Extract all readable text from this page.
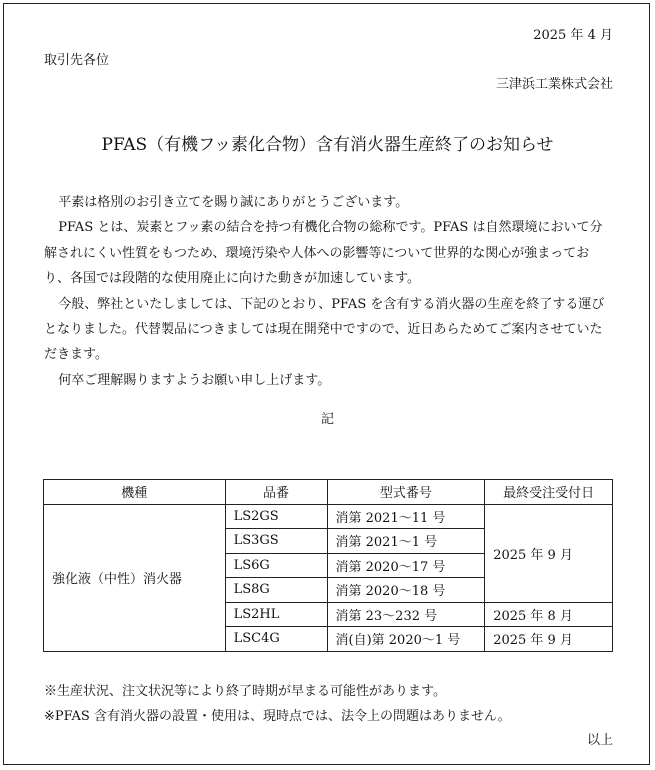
2025 年 4 月
取引先各位
三津浜工業株式会社
PFAS（有機フッ素化合物）含有消火器生産終了のお知らせ

平素は格別のお引き立てを賜り誠にありがとうございます。

PFAS とは、炭素とフッ素の結合を持つ有機化合物の総称です。PFAS は自然環境において分解されにくい性質をもつため、環境汚染や人体への影響等について世界的な関心が強まっており、各国では段階的な使用廃止に向けた動きが加速しています。

今般、弊社といたしましては、下記のとおり、PFAS を含有する消火器の生産を終了する運びとなりました。代替製品につきましては現在開発中ですので、近日あらためてご案内させていただきます。

何卒ご理解賜りますようお願い申し上げます。

記
機種	品番	型式番号	最終受注受付日
強化液（中性）消火器	LS2GS	消第 2021～11 号	2025 年 9 月
	LS3GS	消第 2021～1 号	
	LS6G	消第 2020～17 号	
	LS8G	消第 2020～18 号	
	LS2HL	消第 23～232 号	2025 年 8 月
	LSC4G	消(自)第 2020～1 号	2025 年 9 月
※生産状況、注文状況等により終了時期が早まる可能性があります。
※PFAS 含有消火器の設置・使用は、現時点では、法令上の問題はありません。
以上
